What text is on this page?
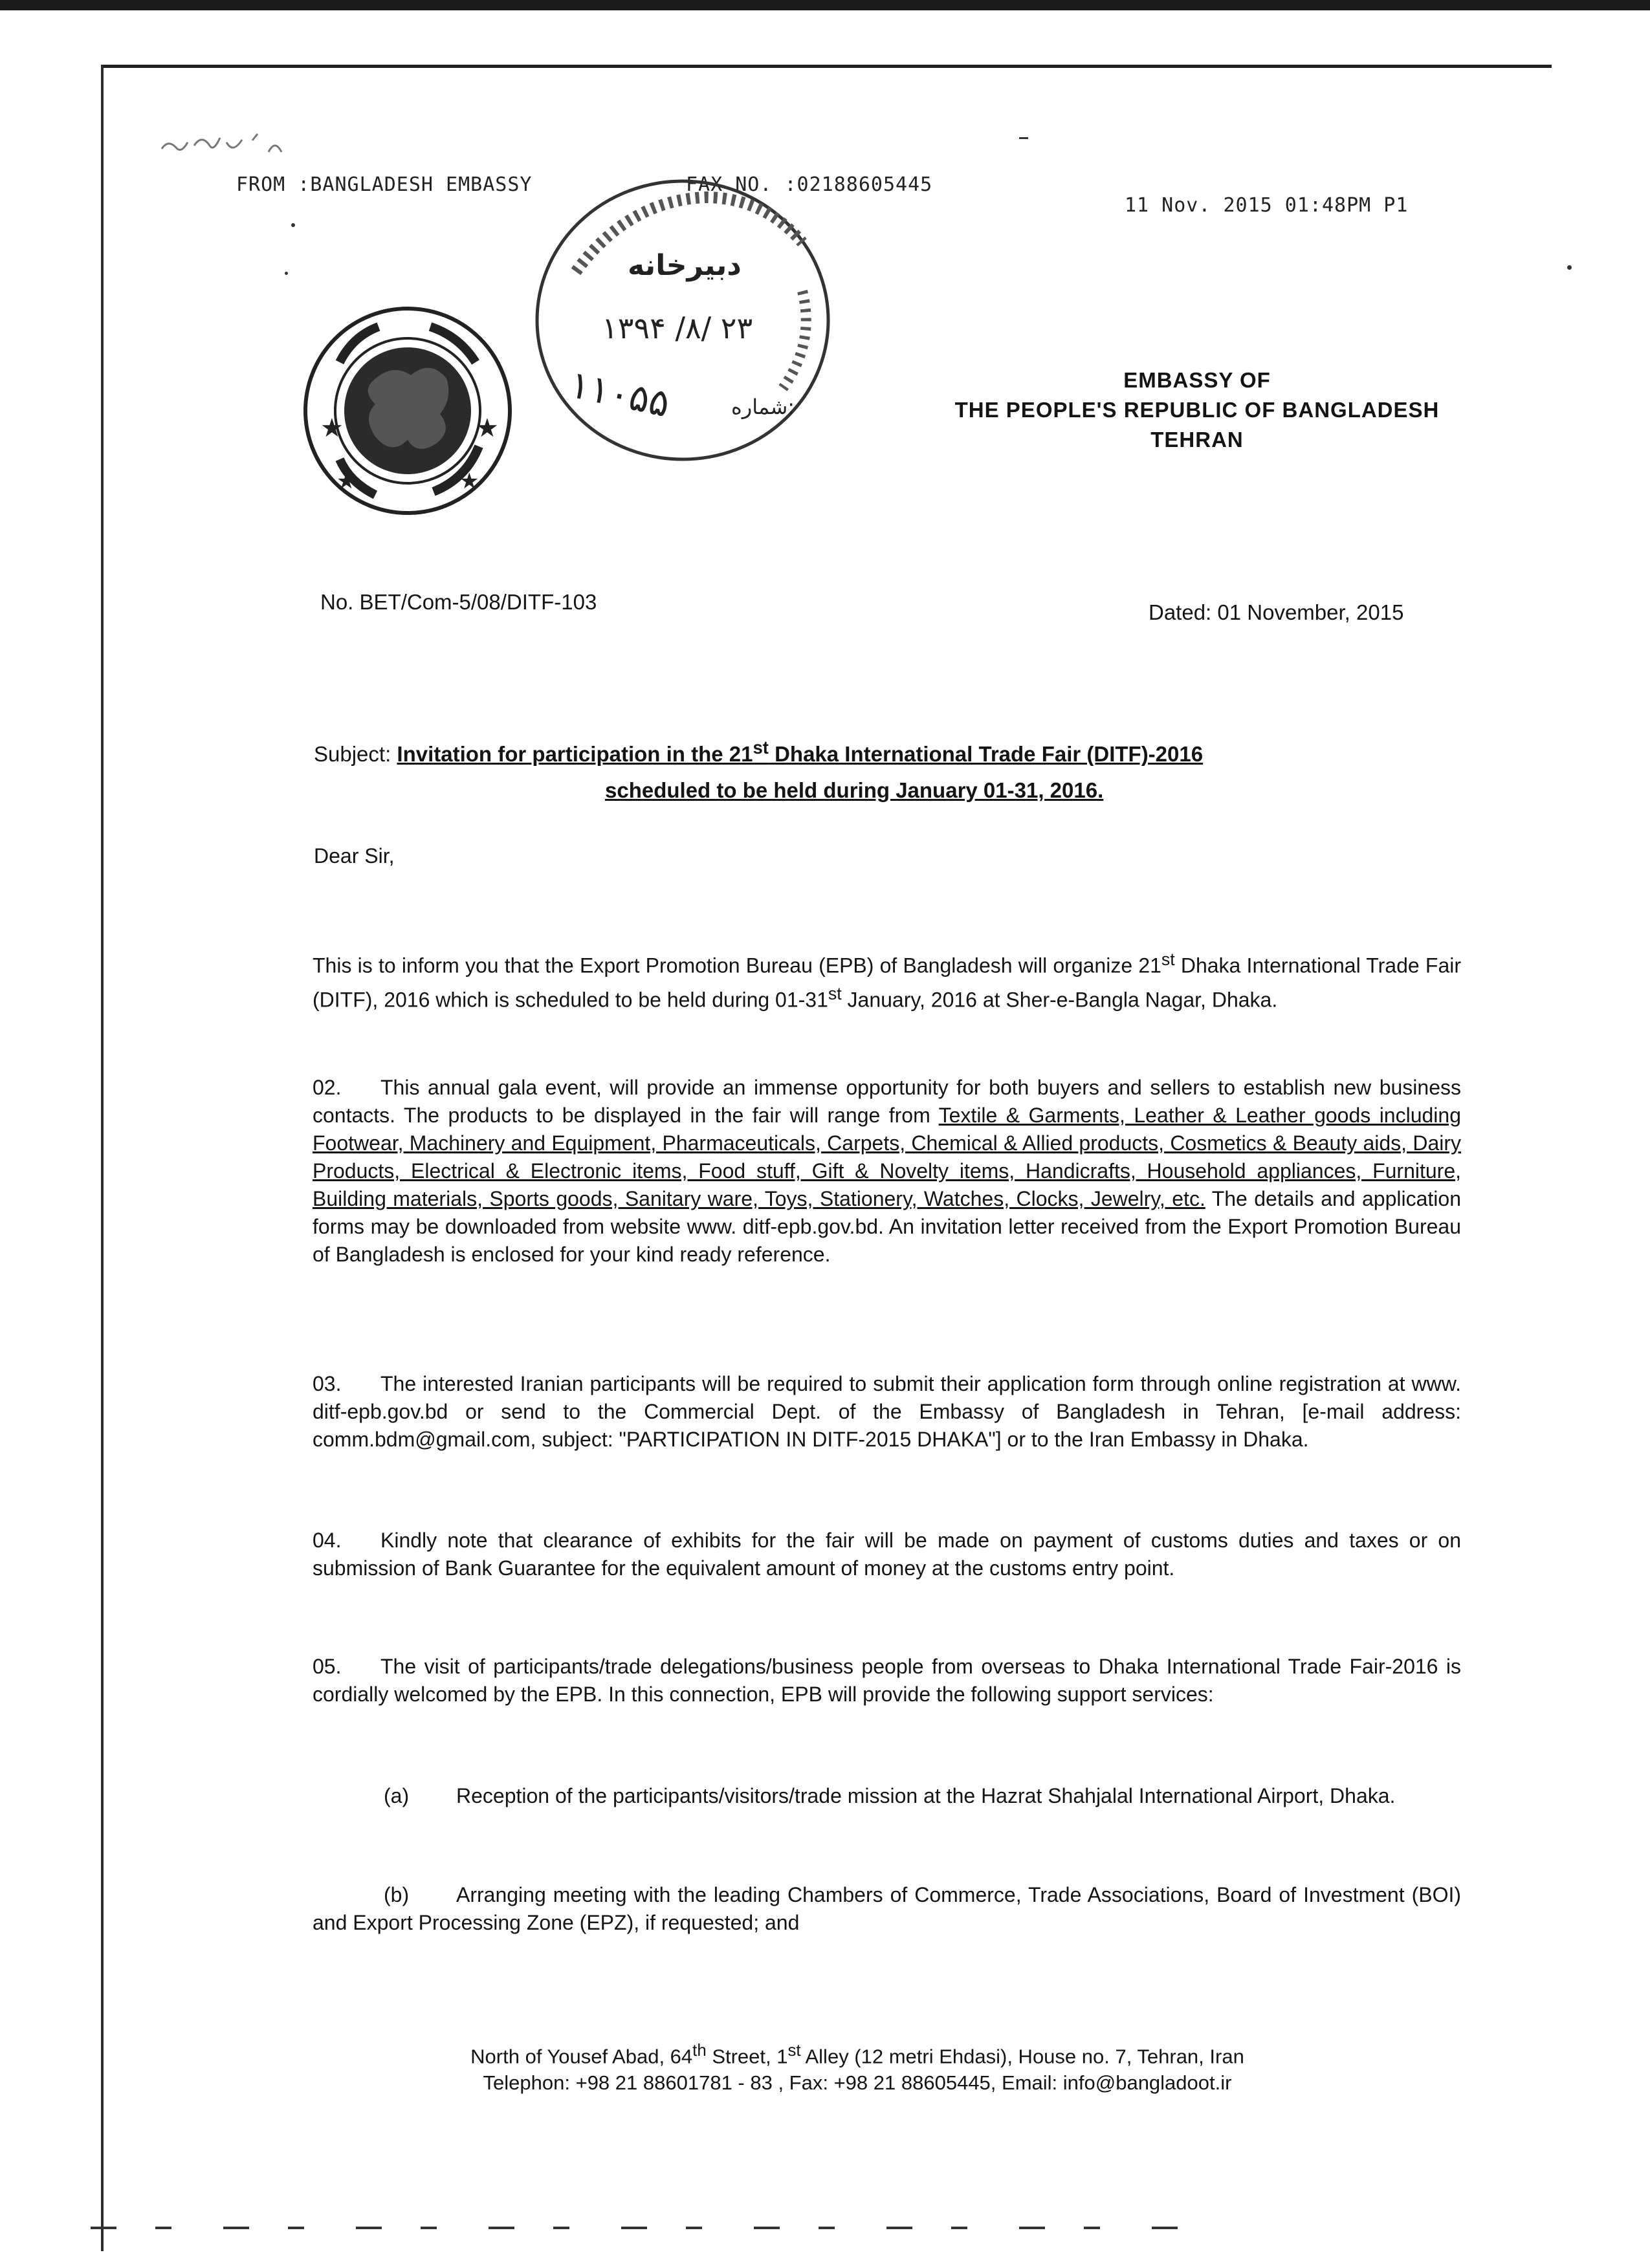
FROM :BANGLADESH EMBASSY	FAX NO. :02188605445
11 Nov. 2015 01:48PM P1
★	★
★	★
دبیرخانه
۱۳۹۴ /۸/ ۲۳
۱۱۰۵۵	شماره:
EMBASSY OF
THE PEOPLE'S REPUBLIC OF BANGLADESH
TEHRAN
No. BET/Com-5/08/DITF-103	Dated: 01 November, 2015
Subject: Invitation for participation in the 21st Dhaka International Trade Fair (DITF)-2016
scheduled to be held during January 01-31, 2016.
Dear Sir,
This is to inform you that the Export Promotion Bureau (EPB) of Bangladesh will organize 21st Dhaka International Trade Fair (DITF), 2016 which is scheduled to be held during 01-31st January, 2016 at Sher-e-Bangla Nagar, Dhaka.
02. This annual gala event, will provide an immense opportunity for both buyers and sellers to establish new business contacts. The products to be displayed in the fair will range from Textile & Garments, Leather & Leather goods including Footwear, Machinery and Equipment, Pharmaceuticals, Carpets, Chemical & Allied products, Cosmetics & Beauty aids, Dairy Products, Electrical & Electronic items, Food stuff, Gift & Novelty items, Handicrafts, Household appliances, Furniture, Building materials, Sports goods, Sanitary ware, Toys, Stationery, Watches, Clocks, Jewelry, etc. The details and application forms may be downloaded from website www. ditf-epb.gov.bd. An invitation letter received from the Export Promotion Bureau of Bangladesh is enclosed for your kind ready reference.
03. The interested Iranian participants will be required to submit their application form through online registration at www. ditf-epb.gov.bd or send to the Commercial Dept. of the Embassy of Bangladesh in Tehran, [e-mail address: comm.bdm@gmail.com, subject: "PARTICIPATION IN DITF-2015 DHAKA"] or to the Iran Embassy in Dhaka.
04. Kindly note that clearance of exhibits for the fair will be made on payment of customs duties and taxes or on submission of Bank Guarantee for the equivalent amount of money at the customs entry point.
05. The visit of participants/trade delegations/business people from overseas to Dhaka International Trade Fair-2016 is cordially welcomed by the EPB. In this connection, EPB will provide the following support services:
(a) Reception of the participants/visitors/trade mission at the Hazrat Shahjalal International Airport, Dhaka.
(b) Arranging meeting with the leading Chambers of Commerce, Trade Associations, Board of Investment (BOI) and Export Processing Zone (EPZ), if requested; and
North of Yousef Abad, 64th Street, 1st Alley (12 metri Ehdasi), House no. 7, Tehran, Iran
Telephon: +98 21 88601781 - 83 , Fax: +98 21 88605445, Email: info@bangladoot.ir
